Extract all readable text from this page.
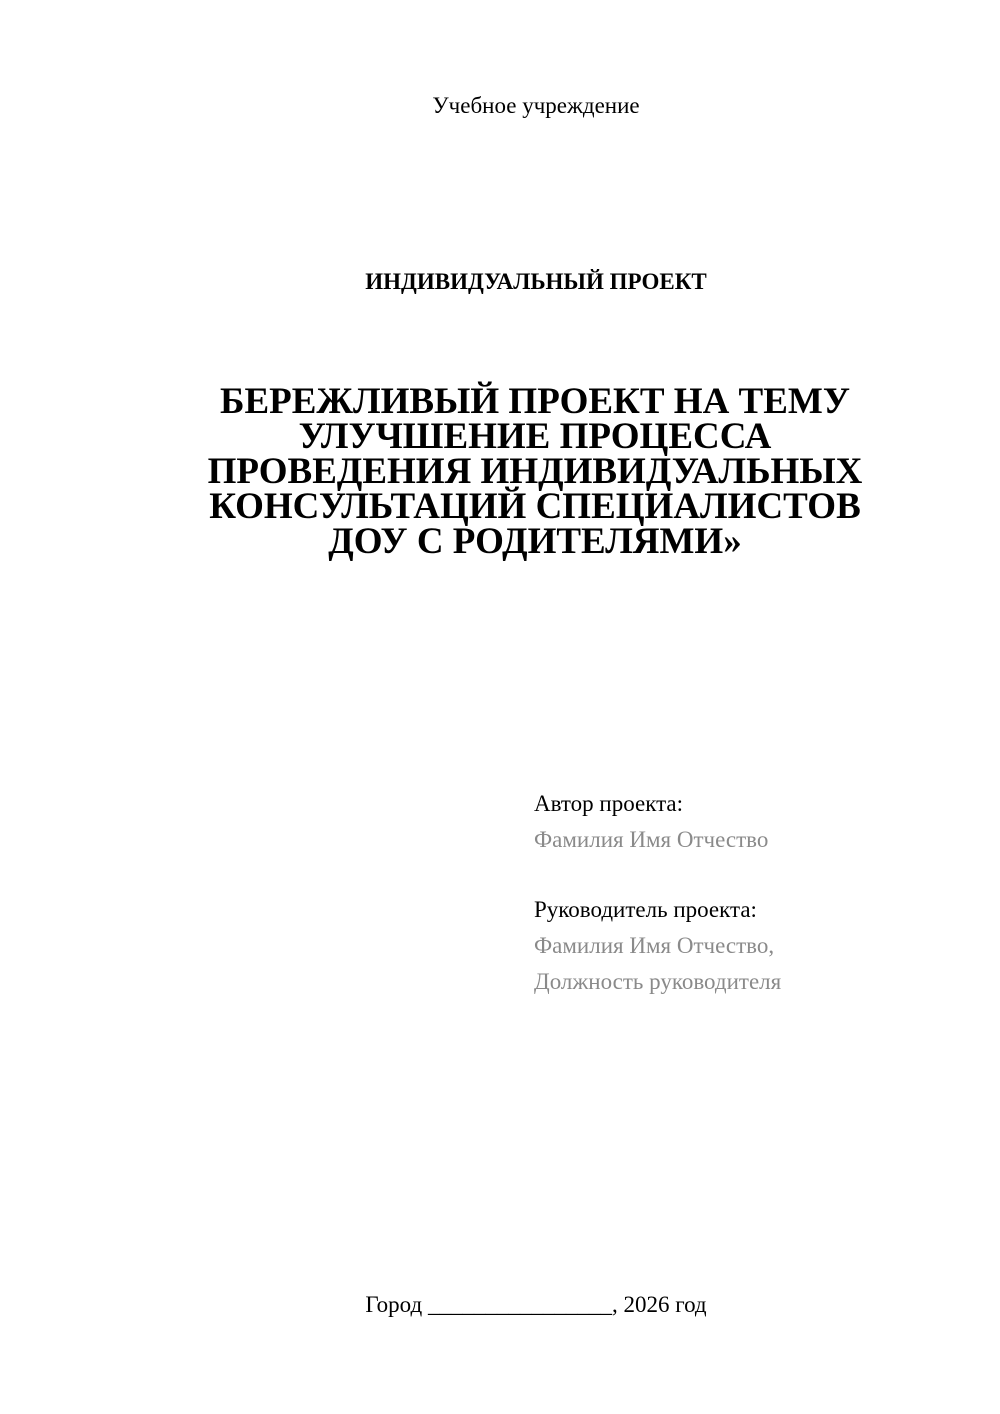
Учебное учреждение
ИНДИВИДУАЛЬНЫЙ ПРОЕКТ
БЕРЕЖЛИВЫЙ ПРОЕКТ НА ТЕМУ
УЛУЧШЕНИЕ ПРОЦЕССА
ПРОВЕДЕНИЯ ИНДИВИДУАЛЬНЫХ
КОНСУЛЬТАЦИЙ СПЕЦИАЛИСТОВ
ДОУ С РОДИТЕЛЯМИ»
Автор проекта:
Фамилия Имя Отчество
Руководитель проекта:
Фамилия Имя Отчество,
Должность руководителя
Город ________________, 2026 год
